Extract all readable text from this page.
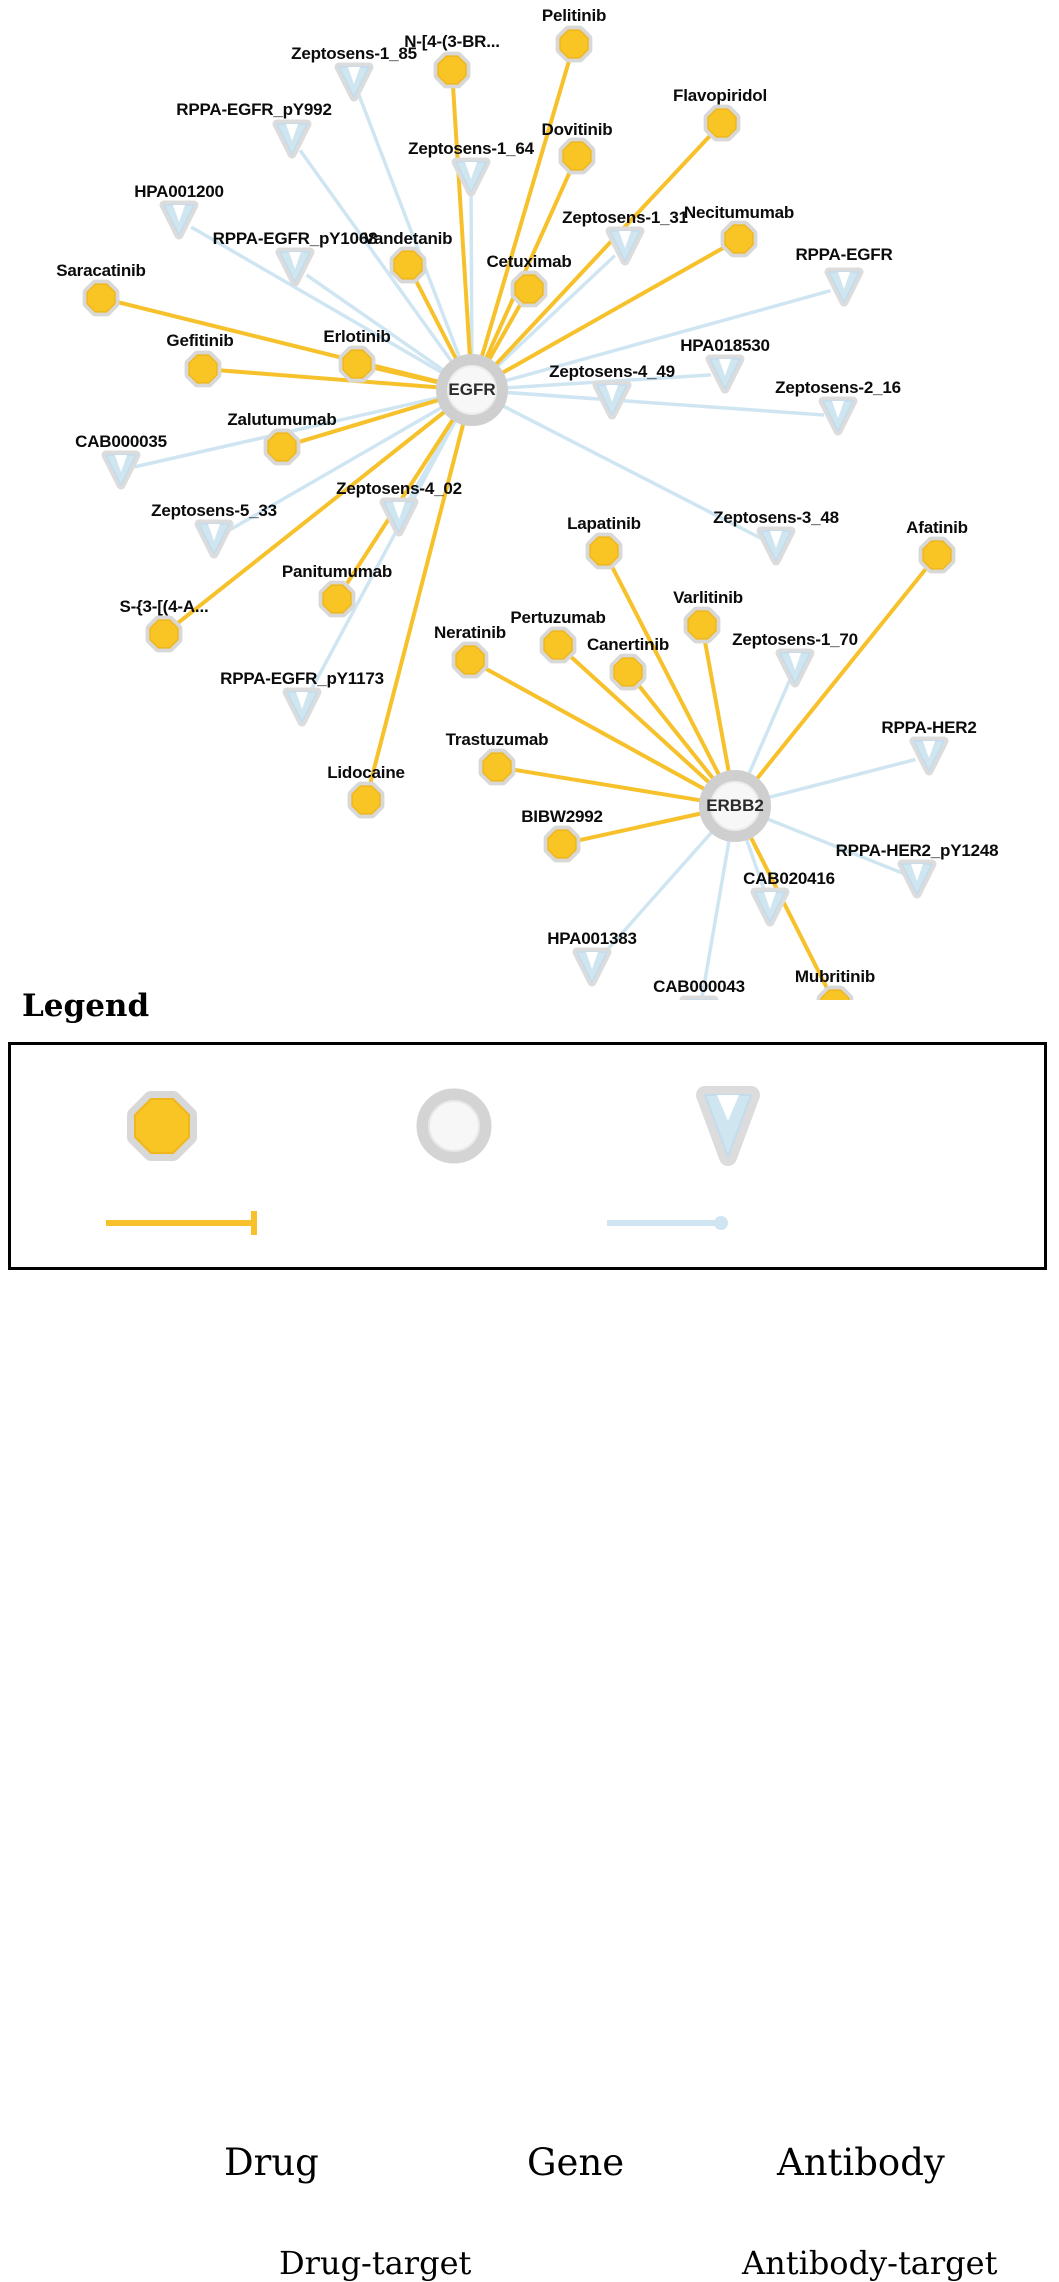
Pelitinib
N-[4-(3-BR...
Flavopiridol
Dovitinib
Necitumumab
Vandetanib
Cetuximab
Saracatinib
Gefitinib	Erlotinib
Zalutumumab
Afatinib
Lapatinib
Varlitinib
Panitumumab
S-{3-[(4-A...
Pertuzumab
Neratinib
Canertinib
Trastuzumab
Lidocaine
BIBW2992
Mubritinib
Zeptosens-1_85
RPPA-EGFR_pY992
Zeptosens-1_64
HPA001200
Zeptosens-1_31
RPPA-EGFR_pY1068
RPPA-EGFR
HPA018530
Zeptosens-4_49
Zeptosens-2_16
CAB000035
Zeptosens-4_02
Zeptosens-5_33	Zeptosens-3_48
Zeptosens-1_70
RPPA-EGFR_pY1173
RPPA-HER2
RPPA-HER2_pY1248
CAB020416
HPA001383
CAB000043
EGFR
ERBB2
Legend
Drug	Gene	Antibody
Drug-target	Antibody-target
